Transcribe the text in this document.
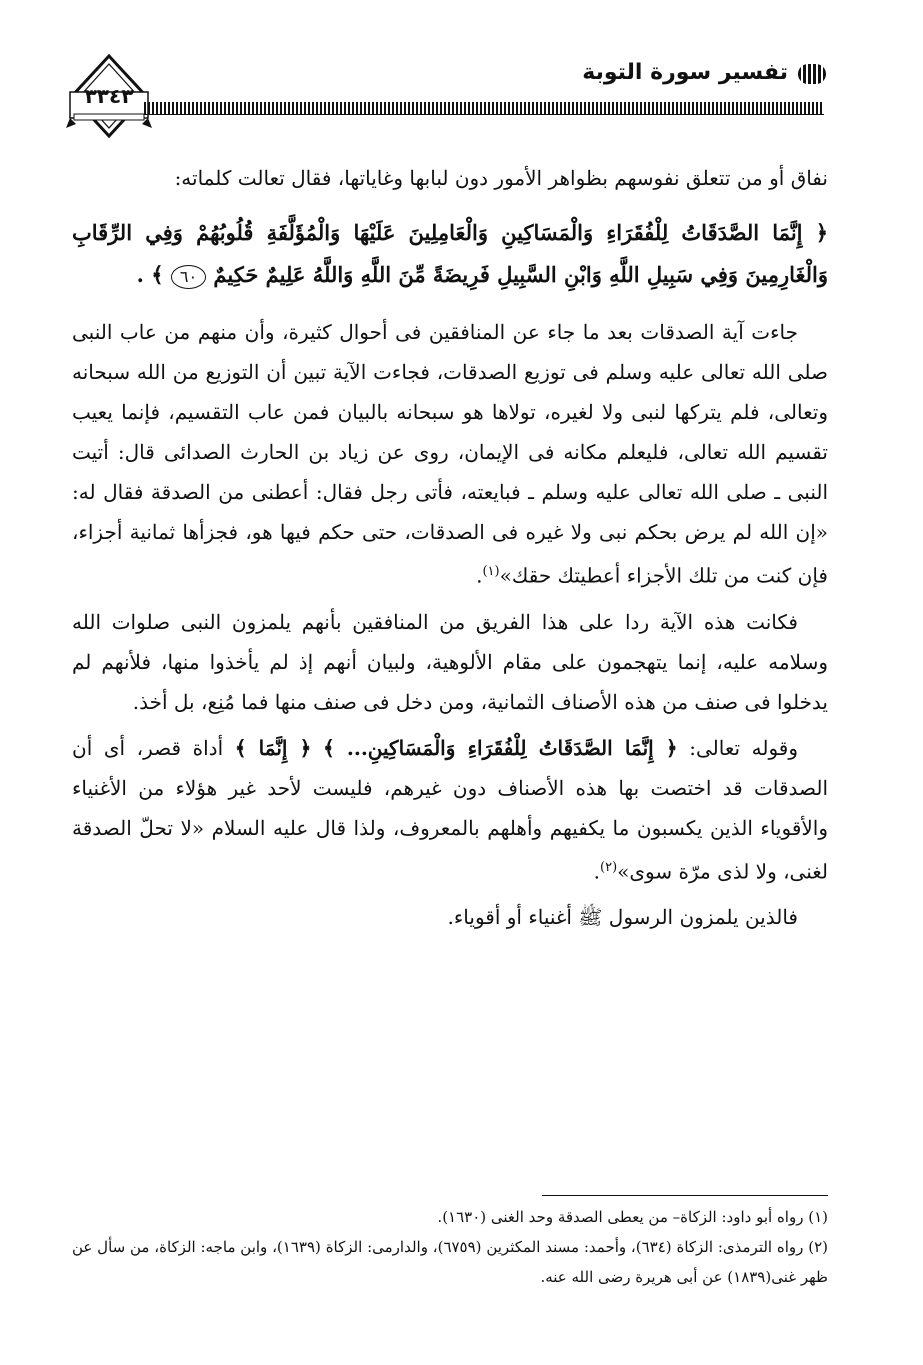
٣٣٤٣
تفسير سورة التوبة

نفاق أو من تتعلق نفوسهم بظواهر الأمور دون لبابها وغاياتها، فقال تعالت كلماته:

﴿ إِنَّمَا الصَّدَقَاتُ لِلْفُقَرَاءِ وَالْمَسَاكِينِ وَالْعَامِلِينَ عَلَيْهَا وَالْمُؤَلَّفَةِ قُلُوبُهُمْ وَفِي الرِّقَابِ وَالْغَارِمِينَ وَفِي سَبِيلِ اللَّهِ وَابْنِ السَّبِيلِ فَرِيضَةً مِّنَ اللَّهِ وَاللَّهُ عَلِيمٌ حَكِيمٌ ٦٠ ﴾ .

جاءت آية الصدقات بعد ما جاء عن المنافقين فى أحوال كثيرة، وأن منهم من عاب النبى صلى الله تعالى عليه وسلم فى توزيع الصدقات، فجاءت الآية تبين أن التوزيع من الله سبحانه وتعالى، فلم يتركها لنبى ولا لغيره، تولاها هو سبحانه بالبيان فمن عاب التقسيم، فإنما يعيب تقسيم الله تعالى، فليعلم مكانه فى الإيمان، روى عن زياد بن الحارث الصدائى قال: أتيت النبى ـ صلى الله تعالى عليه وسلم ـ فبايعته، فأتى رجل فقال: أعطنى من الصدقة فقال له: «إن الله لم يرض بحكم نبى ولا غيره فى الصدقات، حتى حكم فيها هو، فجزأها ثمانية أجزاء، فإن كنت من تلك الأجزاء أعطيتك حقك»$^{(١)}$.

فكانت هذه الآية ردا على هذا الفريق من المنافقين بأنهم يلمزون النبى صلوات الله وسلامه عليه، إنما يتهجمون على مقام الألوهية، ولبيان أنهم إذ لم يأخذوا منها، فلأنهم لم يدخلوا فى صنف من هذه الأصناف الثمانية، ومن دخل فى صنف منها فما مُنِع، بل أخذ.

وقوله تعالى: ﴿ إِنَّمَا الصَّدَقَاتُ لِلْفُقَرَاءِ وَالْمَسَاكِينِ... ﴾ ﴿ إِنَّمَا ﴾ أداة قصر، أى أن الصدقات قد اختصت بها هذه الأصناف دون غيرهم، فليست لأحد غير هؤلاء من الأغنياء والأقوياء الذين يكسبون ما يكفيهم وأهلهم بالمعروف، ولذا قال عليه السلام «لا تحلّ الصدقة لغنى، ولا لذى مرّة سوى»$^{(٢)}$.

فالذين يلمزون الرسول ﷺ أغنياء أو أقوياء.

(١) رواه أبو داود: الزكاة– من يعطى الصدقة وحد الغنى (١٦٣٠).

(٢) رواه الترمذى: الزكاة (٦٣٤)، وأحمد: مسند المكثرين (٦٧٥٩)، والدارمى: الزكاة (١٦٣٩)، وابن ماجه: الزكاة، من سأل عن ظهر غنى(١٨٣٩) عن أبى هريرة رضى الله عنه.
